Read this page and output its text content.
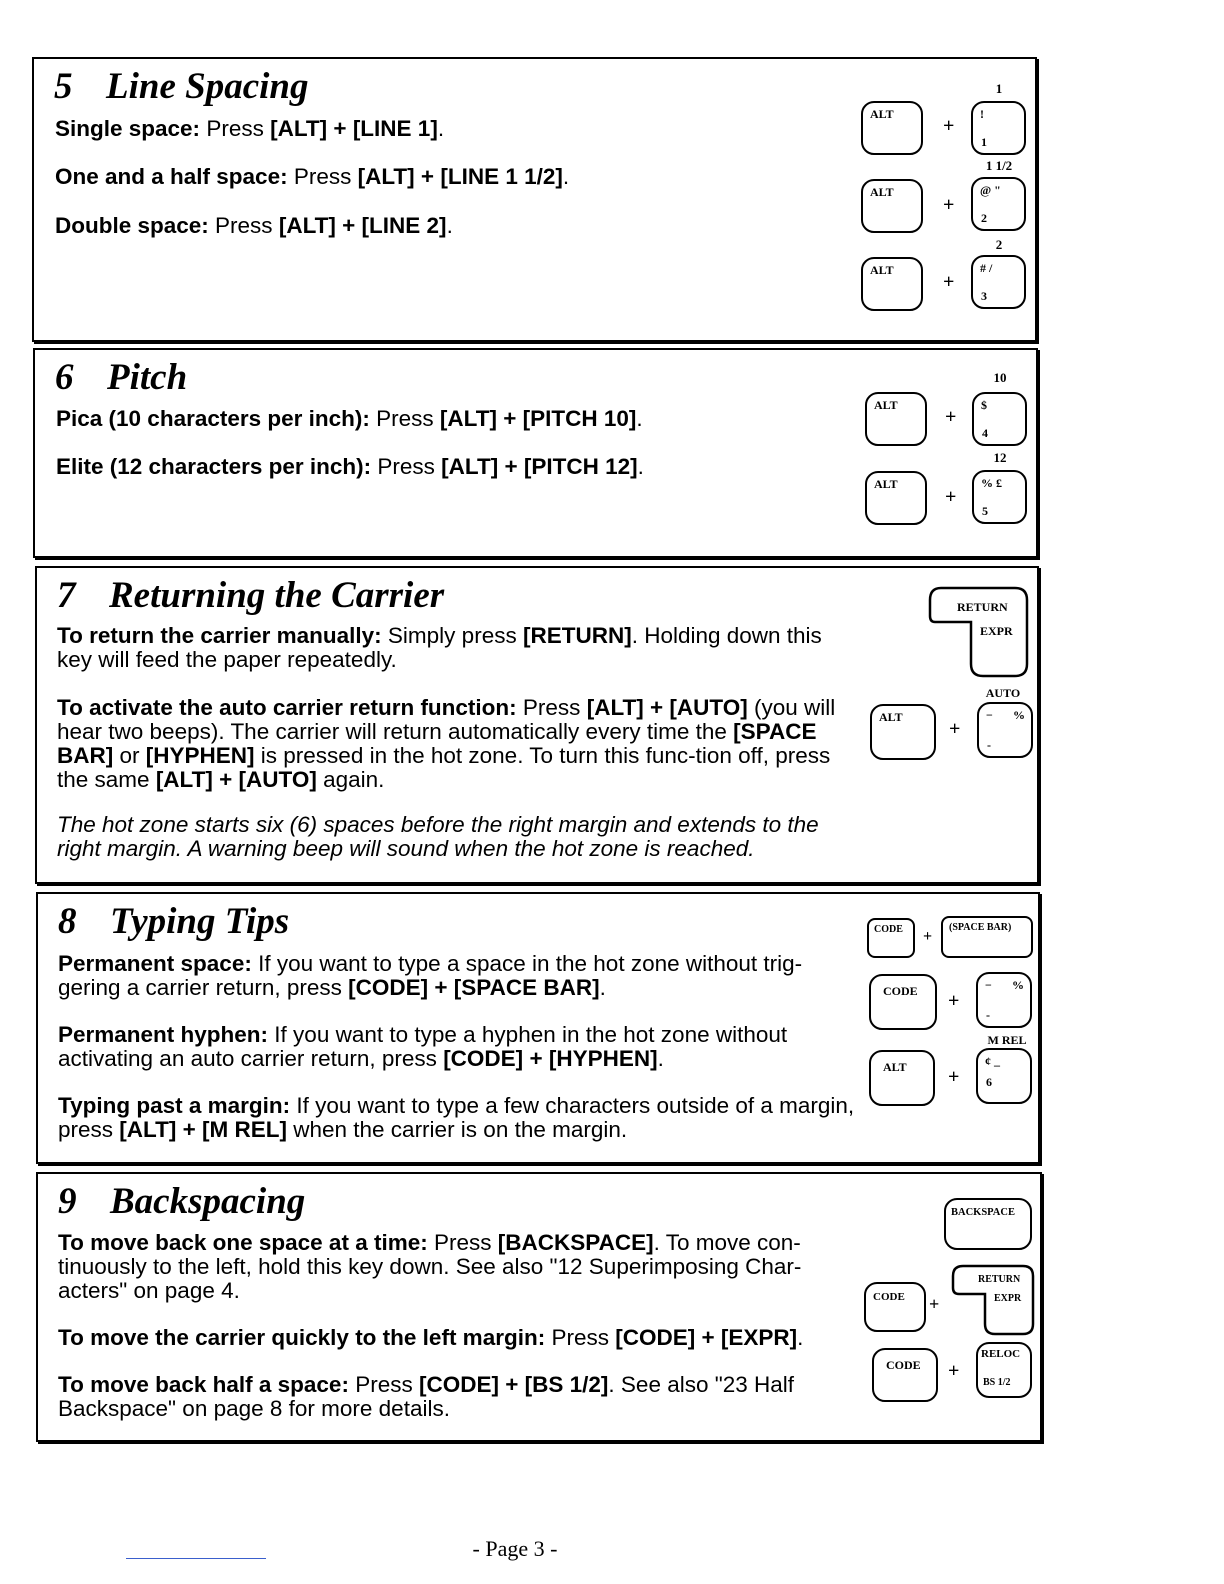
5 Line Spacing

Single space: Press [ALT] + [LINE 1].

One and a half space: Press [ALT] + [LINE 1 1/2].

Double space: Press [ALT] + [LINE 2].

1
ALT
+
!
1
1 1/2
ALT
+
@ "
2
2
ALT
+
# /
3
6 Pitch

Pica (10 characters per inch): Press [ALT] + [PITCH 10].

Elite (12 characters per inch): Press [ALT] + [PITCH 12].

10
ALT
+
$
4
12
ALT
+
% £
5
7 Returning the Carrier

To return the carrier manually: Simply press [RETURN]. Holding down this key will feed the paper repeatedly.

To activate the auto carrier return function: Press [ALT] + [AUTO] (you will hear two beeps). The carrier will return automatically every time the [SPACE BAR] or [HYPHEN] is pressed in the hot zone. To turn this func-tion off, press the same [ALT] + [AUTO] again.

The hot zone starts six (6) spaces before the right margin and extends to the right margin. A warning beep will sound when the hot zone is reached.

RETURN
EXPR
AUTO
ALT
+
− %
-
8 Typing Tips

Permanent space: If you want to type a space in the hot zone without trig-gering a carrier return, press [CODE] + [SPACE BAR].

Permanent hyphen: If you want to type a hyphen in the hot zone without activating an auto carrier return, press [CODE] + [HYPHEN].

Typing past a margin: If you want to type a few characters outside of a margin, press [ALT] + [M REL] when the carrier is on the margin.

CODE +
(SPACE BAR)
CODE +
− %
-
M REL
ALT +
¢ _
6
9 Backspacing

To move back one space at a time: Press [BACKSPACE]. To move con-tinuously to the left, hold this key down. See also "12 Superimposing Char-acters" on page 4.

To move the carrier quickly to the left margin: Press [CODE] + [EXPR].

To move back half a space: Press [CODE] + [BS 1/2]. See also "23 Half Backspace" on page 8 for more details.

BACKSPACE
CODE +
RETURN
EXPR
CODE +
RELOC
BS 1/2
- Page 3 -
